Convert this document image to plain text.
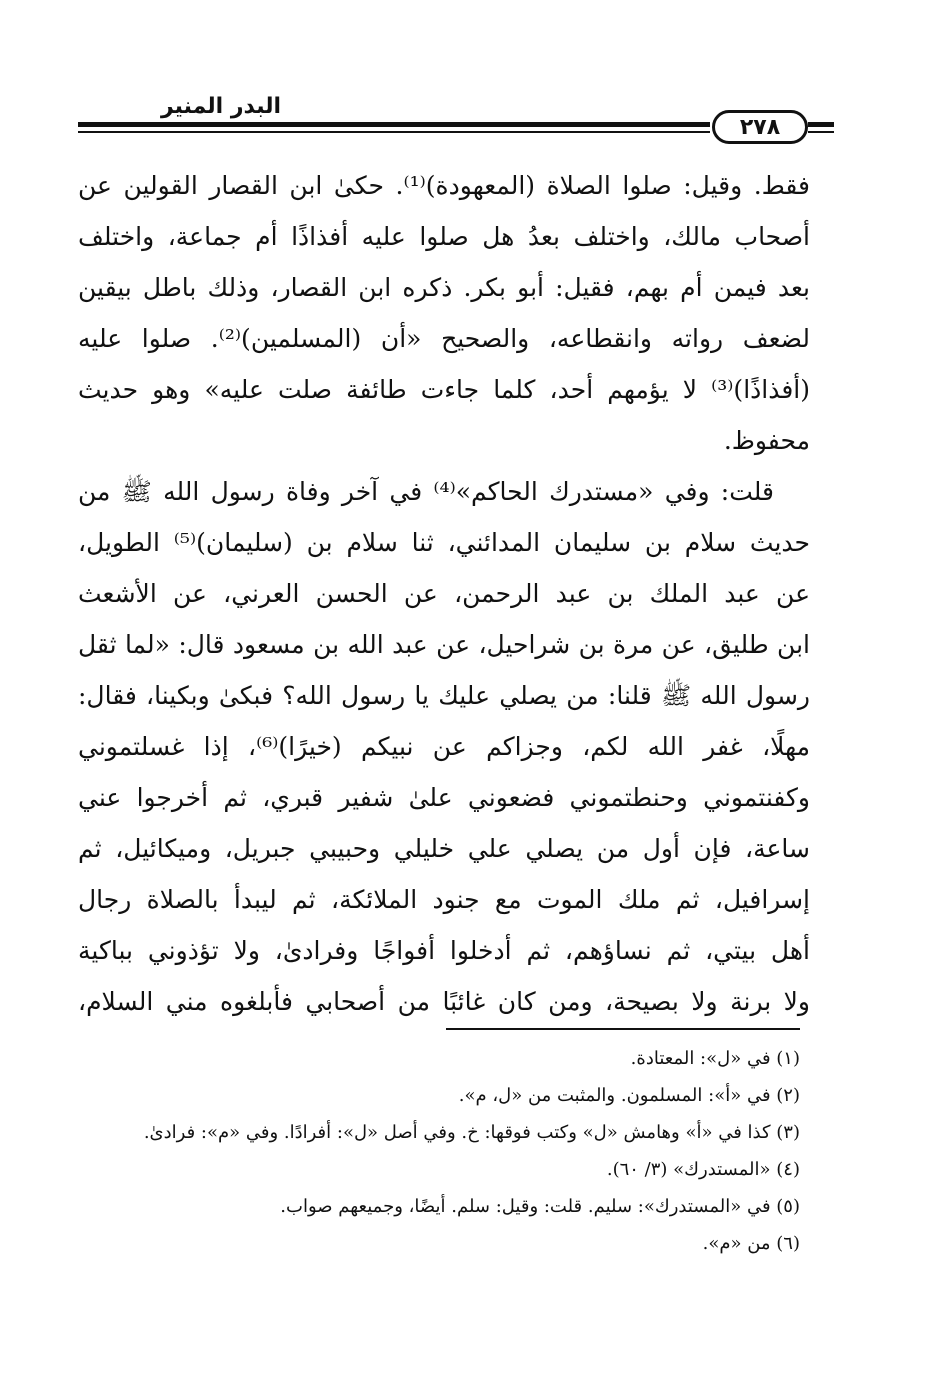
البدر المنير
٢٧٨
فقط. وقيل: صلوا الصلاة (المعهودة)⁽¹⁾. حكىٰ ابن القصار القولين عن
أصحاب مالك، واختلف بعدُ هل صلوا عليه أفذاذًا أم جماعة، واختلف
بعد فيمن أم بهم، فقيل: أبو بكر. ذكره ابن القصار، وذلك باطل بيقين
لضعف رواته وانقطاعه، والصحيح «أن (المسلمين)⁽²⁾. صلوا عليه
(أفذاذًا)⁽³⁾ لا يؤمهم أحد، كلما جاءت طائفة صلت عليه» وهو حديث
محفوظ.
قلت: وفي «مستدرك الحاكم»⁽⁴⁾ في آخر وفاة رسول الله ﷺ من
حديث سلام بن سليمان المدائني، ثنا سلام بن (سليمان)⁽⁵⁾ الطويل،
عن عبد الملك بن عبد الرحمن، عن الحسن العرني، عن الأشعث
ابن طليق، عن مرة بن شراحيل، عن عبد الله بن مسعود قال: «لما ثقل
رسول الله ﷺ قلنا: من يصلي عليك يا رسول الله؟ فبكىٰ وبكينا، فقال:
مهلًا، غفر الله لكم، وجزاكم عن نبيكم (خيرًا)⁽⁶⁾، إذا غسلتموني
وكفنتموني وحنطتموني فضعوني علىٰ شفير قبري، ثم أخرجوا عني
ساعة، فإن أول من يصلي علي خليلي وحبيبي جبريل، وميكائيل، ثم
إسرافيل، ثم ملك الموت مع جنود الملائكة، ثم ليبدأ بالصلاة رجال
أهل بيتي، ثم نساؤهم، ثم أدخلوا أفواجًا وفرادىٰ، ولا تؤذوني بباكية
ولا برنة ولا بصيحة، ومن كان غائبًا من أصحابي فأبلغوه مني السلام،
(١) في «ل»: المعتادة.
(٢) في «أ»: المسلمون. والمثبت من «ل، م».
(٣) كذا في «أ» وهامش «ل» وكتب فوقها: خ. وفي أصل «ل»: أفرادًا. وفي «م»: فرادىٰ.
(٤) «المستدرك» (٣/ ٦٠).
(٥) في «المستدرك»: سليم. قلت: وقيل: سلم. أيضًا، وجميعهم صواب.
(٦) من «م».
